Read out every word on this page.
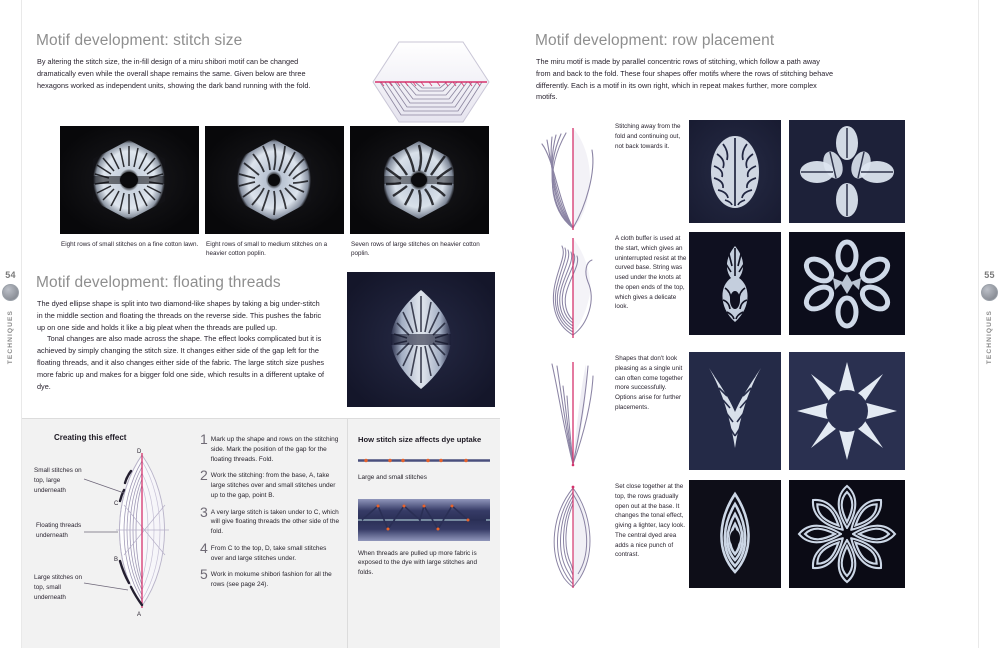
54
TECHNIQUES
55
TECHNIQUES
Motif development: stitch size
By altering the stitch size, the in-fill design of a miru shibori motif can be changed dramatically even while the overall shape remains the same. Given below are three hexagons worked as independent units, showing the dark band running with the fold.
Eight rows of small stitches on a fine cotton lawn. Eight rows of small to medium stitches on a heavier cotton poplin.
Seven rows of large stitches on heavier cotton poplin.
Motif development: floating threads
The dyed ellipse shape is split into two diamond-like shapes by taking a big under-stitch in the middle section and floating the threads on the reverse side. This pushes the fabric up on one side and holds it like a big pleat when the threads are pulled up.
Tonal changes are also made across the shape. The effect looks complicated but it is achieved by simply changing the stitch size. It changes either side of the gap left for the floating threads, and it also changes either side of the fabric. The large stitch size pushes more fabric up and makes for a bigger fold one side, which results in a different uptake of dye.
Creating this effect
D
C
B
A
Small stitches on top, large underneath
Floating threads underneath
Large stitches on top, small underneath
1 Mark up the shape and rows on the stitching side. Mark the position of the gap for the floating threads. Fold.
2 Work the stitching: from the base, A, take large stitches over and small stitches under up to the gap, point B.
3 A very large stitch is taken under to C, which will give floating threads the other side of the fold.
4 From C to the top, D, take small stitches over and large stitches under.
5 Work in mokume shibori fashion for all the rows (see page 24).
How stitch size affects dye uptake
Large and small stitches
When threads are pulled up more fabric is exposed to the dye with large stitches and folds.
Motif development: row placement
The miru motif is made by parallel concentric rows of stitching, which follow a path away from and back to the fold. These four shapes offer motifs where the rows of stitching behave differently. Each is a motif in its own right, which in repeat makes further, more complex motifs.
Stitching away from the fold and continuing out, not back towards it.
A cloth buffer is used at the start, which gives an uninterrupted resist at the curved base. String was used under the knots at the open ends of the top, which gives a delicate look.
Shapes that don't look pleasing as a single unit can often come together more successfully. Options arise for further placements.
Set close together at the top, the rows gradually open out at the base. It changes the tonal effect, giving a lighter, lacy look. The central dyed area adds a nice punch of contrast.
